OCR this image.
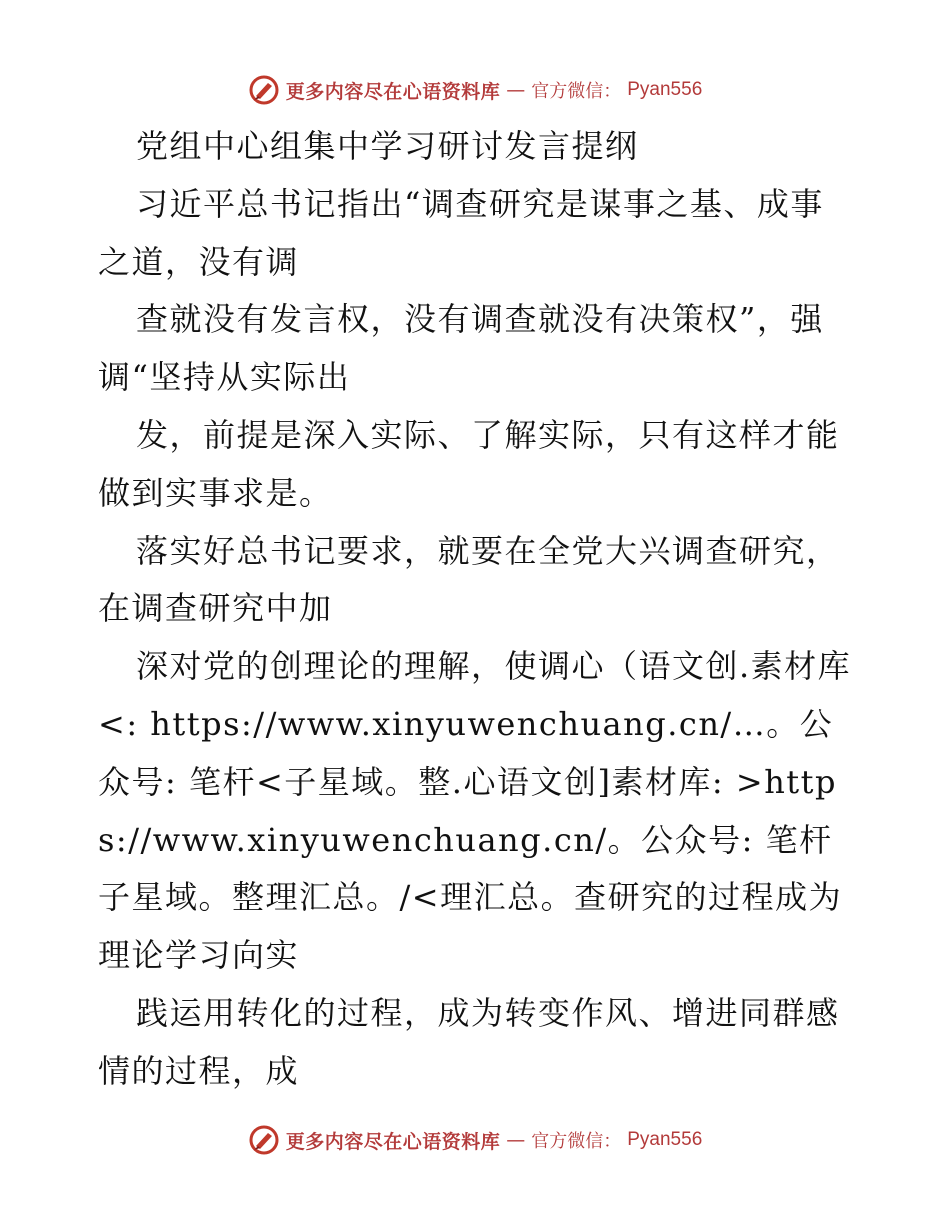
更多内容尽在心语资料库 — 官方微信： Pyan556

党组中心组集中学习研讨发言提纲

习近平总书记指出“调查研究是谋事之基、成事之道，没有调

查就没有发言权，没有调查就没有决策权”，强调“坚持从实际出

发，前提是深入实际、了解实际，只有这样才能做到实事求是。

落实好总书记要求，就要在全党大兴调查研究，在调查研究中加

深对党的创理论的理解，使调心（语文创.素材库<: https://www.xinyuwenchuang.cn/…。公众号: 笔杆<子星域。整.心语文创]素材库: >https://www.xinyuwenchuang.cn/。公众号: 笔杆子星域。整理汇总。/<理汇总。查研究的过程成为理论学习向实

践运用转化的过程，成为转变作风、增进同群感情的过程，成

更多内容尽在心语资料库 — 官方微信： Pyan556
